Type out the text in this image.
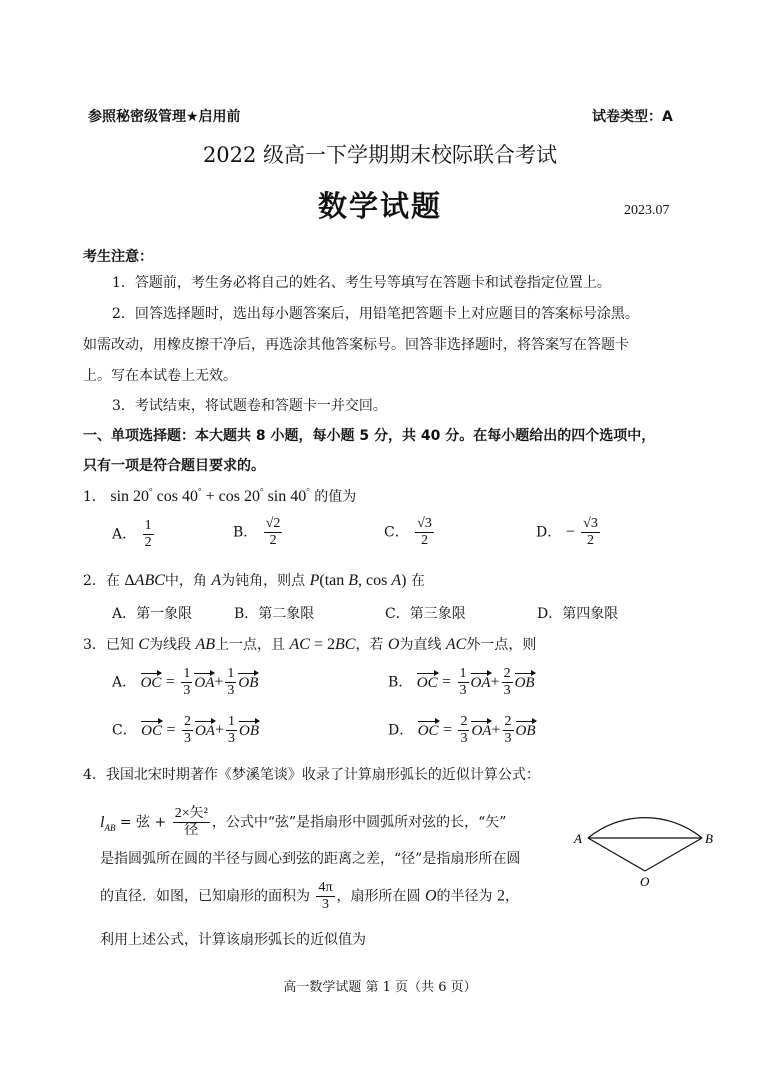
参照秘密级管理★启用前	试卷类型：A
2022 级高一下学期期末校际联合考试
数学试题	2023.07
考生注意：
1．答题前，考生务必将自己的姓名、考生号等填写在答题卡和试卷指定位置上。
2．回答选择题时，选出每小题答案后，用铅笔把答题卡上对应题目的答案标号涂黑。
如需改动，用橡皮擦干净后，再选涂其他答案标号。回答非选择题时，将答案写在答题卡
上。写在本试卷上无效。
3．考试结束，将试题卷和答题卡一并交回。
一、单项选择题：本大题共 8 小题，每小题 5 分，共 40 分。在每小题给出的四个选项中，
只有一项是符合题目要求的。
1． sin 20° cos 40° + cos 20° sin 40° 的值为
A． $\frac{1}{2}$	B． $\frac{√2}{2}$	C． $\frac{√3}{2}$	D． − $\frac{√3}{2}$
2．在 ΔABC中，角 A为钝角，则点 P(tan B, cos A) 在
A．第一象限	B．第二象限	C．第三象限	D．第四象限
3．已知 C为线段 AB上一点，且 AC = 2BC，若 O为直线 AC外一点，则
A． OC = $\frac{1}{3} OA+ \frac{1}{3}$ OB	B． OC = $\frac{1}{3} OA+ \frac{2}{3}$ OB
C． OC = $\frac{2}{3} OA+ \frac{1}{3}$ OB	D． OC = $\frac{2}{3} OA+ \frac{2}{3}$ OB
4．我国北宋时期著作《梦溪笔谈》收录了计算扇形弧长的近似计算公式：
$l_{AB}$ = 弦 + $\frac{\text{2×矢²}}{\text{径}}$ ，公式中“弦”是指扇形中圆弧所对弦的长，“矢”
是指圆弧所在圆的半径与圆心到弦的距离之差，“径”是指扇形所在圆
的直径．如图，已知扇形的面积为 $\frac{4\pi}{3}$ ，扇形所在圆 O的半径为 2，
利用上述公式，计算该扇形弧长的近似值为
A	B
O
高一数学试题 第 1 页（共 6 页）
